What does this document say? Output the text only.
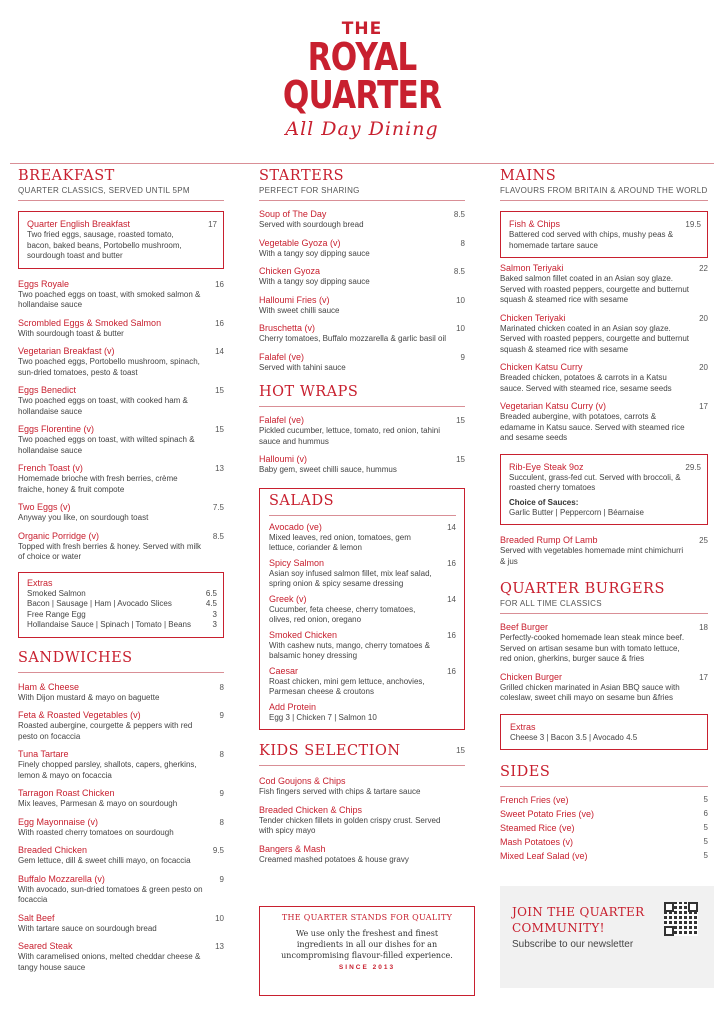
THE
ROYAL
QUARTER
All Day Dining
BREAKFAST
QUARTER CLASSICS, SERVED UNTIL 5PM
Quarter English Breakfast	17
Two fried eggs, sausage, roasted tomato, bacon, baked beans, Portobello mushroom, sourdough toast and butter
Eggs Royale	16
Two poached eggs on toast, with smoked salmon & hollandaise sauce
Scrombled Eggs & Smoked Salmon	16
With sourdough toast & butter
Vegetarian Breakfast (v)	14
Two poached eggs, Portobello mushroom, spinach, sun-dried tomatoes, pesto & toast
Eggs Benedict	15
Two poached eggs on toast, with cooked ham & hollandaise sauce
Eggs Florentine (v)	15
Two poached eggs on toast, with wilted spinach & hollandaise sauce
French Toast (v)	13
Homemade brioche with fresh berries, crème fraiche, honey & fruit compote
Two Eggs (v)	7.5
Anyway you like, on sourdough toast
Organic Porridge (v)	8.5
Topped with fresh berries & honey. Served with milk of choice or water
Extras
Smoked Salmon	6.5
Bacon | Sausage | Ham | Avocado Slices	4.5
Free Range Egg	3
Hollandaise Sauce | Spinach | Tomato | Beans	3
SANDWICHES
Ham & Cheese	8
With Dijon mustard & mayo on baguette
Feta & Roasted Vegetables (v)	9
Roasted aubergine, courgette & peppers with red pesto on focaccia
Tuna Tartare	8
Finely chopped parsley, shallots, capers, gherkins, lemon & mayo on focaccia
Tarragon Roast Chicken	9
Mix leaves, Parmesan & mayo on sourdough
Egg Mayonnaise (v)	8
With roasted cherry tomatoes on sourdough
Breaded Chicken	9.5
Gem lettuce, dill & sweet chilli mayo, on focaccia
Buffalo Mozzarella (v)	9
With avocado, sun-dried tomatoes & green pesto on focaccia
Salt Beef	10
With tartare sauce on sourdough bread
Seared Steak	13
With caramelised onions, melted cheddar cheese & tangy house sauce
STARTERS
PERFECT FOR SHARING
Soup of The Day	8.5
Served with sourdough bread
Vegetable Gyoza (v)	8
With a tangy soy dipping sauce
Chicken Gyoza	8.5
With a tangy soy dipping sauce
Halloumi Fries (v)	10
With sweet chilli sauce
Bruschetta (v)	10
Cherry tomatoes, Buffalo mozzarella & garlic basil oil
Falafel (ve)	9
Served with tahini sauce
HOT WRAPS
Falafel (ve)	15
Pickled cucumber, lettuce, tomato, red onion, tahini sauce and hummus
Halloumi (v)	15
Baby gem, sweet chilli sauce, hummus
SALADS
Avocado (ve)	14
Mixed leaves, red onion, tomatoes, gem lettuce, coriander & lemon
Spicy Salmon	16
Asian soy infused salmon fillet, mix leaf salad, spring onion & spicy sesame dressing
Greek (v)	14
Cucumber, feta cheese, cherry tomatoes, olives, red onion, oregano
Smoked Chicken	16
With cashew nuts, mango, cherry tomatoes & balsamic honey dressing
Caesar	16
Roast chicken, mini gem lettuce, anchovies, Parmesan cheese & croutons
Add Protein
Egg 3 | Chicken 7 | Salmon 10
KIDS SELECTION	15
Cod Goujons & Chips
Fish fingers served with chips & tartare sauce
Breaded Chicken & Chips
Tender chicken fillets in golden crispy crust. Served with spicy mayo
Bangers & Mash
Creamed mashed potatoes & house gravy
THE QUARTER STANDS FOR QUALITY
We use only the freshest and finest ingredients in all our dishes for an uncompromising flavour-filled experience.
SINCE 2013
MAINS
FLAVOURS FROM BRITAIN & AROUND THE WORLD
Fish & Chips	19.5
Battered cod served with chips, mushy peas & homemade tartare sauce
Salmon Teriyaki	22
Baked salmon fillet coated in an Asian soy glaze. Served with roasted peppers, courgette and butternut squash & steamed rice with sesame
Chicken Teriyaki	20
Marinated chicken coated in an Asian soy glaze. Served with roasted peppers, courgette and butternut squash & steamed rice with sesame
Chicken Katsu Curry	20
Breaded chicken, potatoes & carrots in a Katsu sauce. Served with steamed rice, sesame seeds
Vegetarian Katsu Curry (v)	17
Breaded aubergine, with potatoes, carrots & edamame in Katsu sauce. Served with steamed rice and sesame seeds
Rib-Eye Steak 9oz	29.5
Succulent, grass-fed cut. Served with broccoli, & roasted cherry tomatoes
Choice of Sauces:
Garlic Butter | Peppercorn | Béarnaise
Breaded Rump Of Lamb	25
Served with vegetables homemade mint chimichurri & jus
QUARTER BURGERS
FOR ALL TIME CLASSICS
Beef Burger	18
Perfectly-cooked homemade lean steak mince beef. Served on artisan sesame bun with tomato lettuce, red onion, gherkins, burger sauce & fries
Chicken Burger	17
Grilled chicken marinated in Asian BBQ sauce with coleslaw, sweet chili mayo on sesame bun &fries
Extras
Cheese 3 | Bacon 3.5 | Avocado 4.5
SIDES
French Fries (ve)	5
Sweet Potato Fries (ve)	6
Steamed Rice (ve)	5
Mash Potatoes (v)	5
Mixed Leaf Salad (ve)	5
JOIN THE QUARTER
COMMUNITY!
Subscribe to our newsletter
